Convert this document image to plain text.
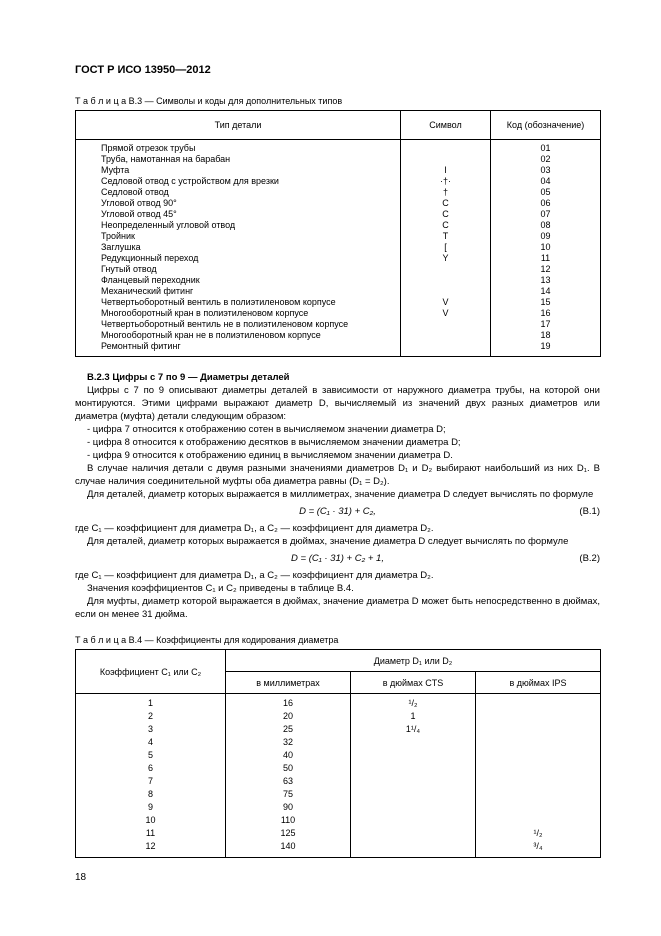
ГОСТ Р ИСО 13950—2012
Т а б л и ц а В.3 — Символы и коды для дополнительных типов
Тип детали	Символ	Код (обозначение)
Прямой отрезок трубы		01
Труба, намотанная на барабан		02
Муфта	I	03
Седловой отвод с устройством для врезки	·†·	04
Седловой отвод	†	05
Угловой отвод 90°	C	06
Угловой отвод 45°	C	07
Неопределенный угловой отвод	C	08
Тройник	T	09
Заглушка	[	10
Редукционный переход	Y	11
Гнутый отвод		12
Фланцевый переходник		13
Механический фитинг		14
Четвертьоборотный вентиль в полиэтиленовом корпусе	V	15
Многооборотный кран в полиэтиленовом корпусе	V	16
Четвертьоборотный вентиль не в полиэтиленовом корпусе		17
Многооборотный кран не в полиэтиленовом корпусе		18
Ремонтный фитинг		19
В.2.3 Цифры с 7 по 9 — Диаметры деталей

Цифры с 7 по 9 описывают диаметры деталей в зависимости от наружного диаметра трубы, на которой они монтируются. Этими цифрами выражают диаметр D, вычисляемый из значений двух разных диаметров или диаметра (муфта) детали следующим образом:

- цифра 7 относится к отображению сотен в вычисляемом значении диаметра D;
- цифра 8 относится к отображению десятков в вычисляемом значении диаметра D;
- цифра 9 относится к отображению единиц в вычисляемом значении диаметра D.

В случае наличия детали с двумя разными значениями диаметров D₁ и D₂ выбирают наибольший из них D₁. В случае наличия соединительной муфты оба диаметра равны (D₁ = D₂).

Для деталей, диаметр которых выражается в миллиметрах, значение диаметра D следует вычислять по формуле

D = (C₁ · 31) + C₂,	(В.1)

где C₁ — коэффициент для диаметра D₁, а C₂ — коэффициент для диаметра D₂.

Для деталей, диаметр которых выражается в дюймах, значение диаметра D следует вычислять по формуле

D = (C₁ · 31) + C₂ + 1,	(В.2)

где C₁ — коэффициент для диаметра D₁, а C₂ — коэффициент для диаметра D₂.

Значения коэффициентов C₁ и C₂ приведены в таблице В.4.

Для муфты, диаметр которой выражается в дюймах, значение диаметра D может быть непосредственно в дюймах, если он менее 31 дюйма.

Т а б л и ц а В.4 — Коэффициенты для кодирования диаметра
Коэффициент C₁ или C₂	Диаметр D₁ или D₂		
	в миллиметрах	в дюймах CTS	в дюймах IPS
1	16	¹/₂	
2	20	1	
3	25	1¹/₄	
4	32		
5	40		
6	50		
7	63		
8	75		
9	90		
10	110		
11	125		¹/₂
12	140		³/₄
18
